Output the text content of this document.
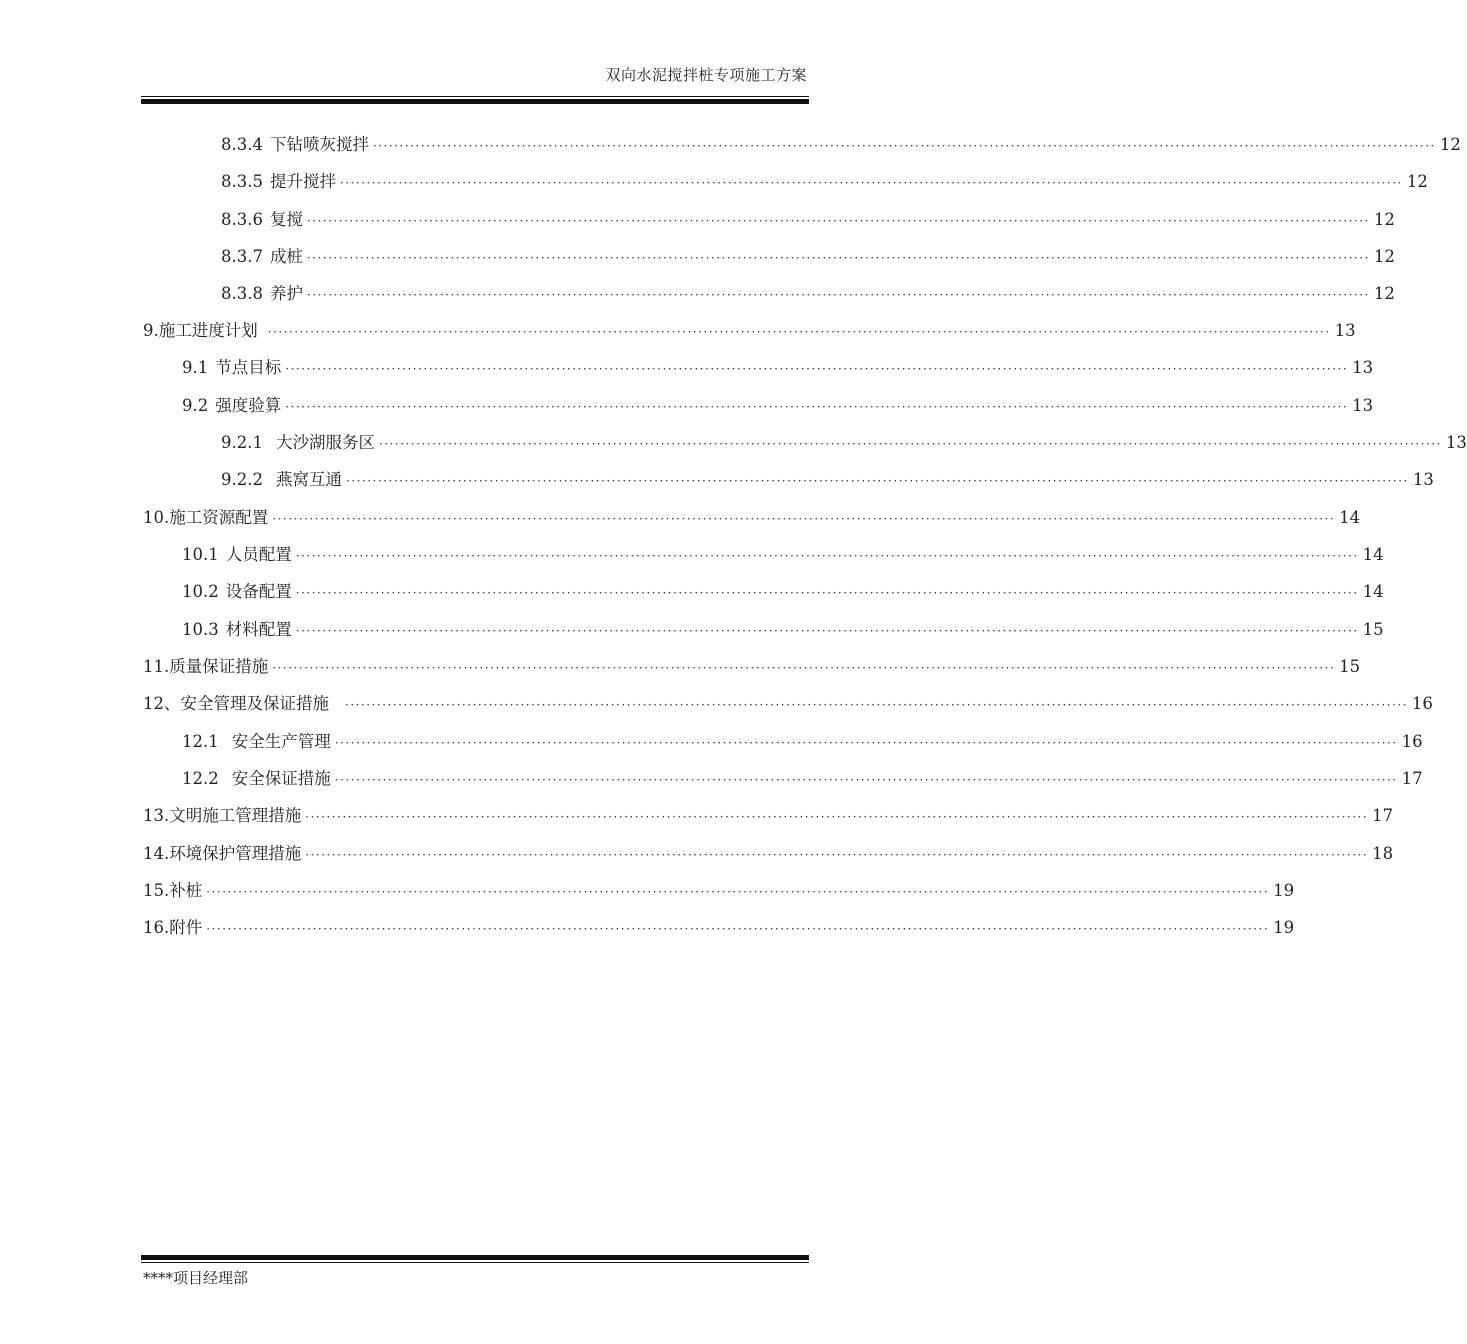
双向水泥搅拌桩专项施工方案
8.3.4 下钻喷灰搅拌 ········································································································································································································ 12
8.3.5 提升搅拌 ········································································································································································································ 12
8.3.6 复搅 ········································································································································································································ 12
8.3.7 成桩 ········································································································································································································ 12
8.3.8 养护 ········································································································································································································ 12
9. 施工进度计划 ········································································································································································································ 13
9.1 节点目标 ········································································································································································································ 13
9.2 强度验算 ········································································································································································································ 13
9.2.1 大沙湖服务区 ········································································································································································································ 13
9.2.2 燕窝互通 ········································································································································································································ 13
10. 施工资源配置 ········································································································································································································ 14
10.1 人员配置 ········································································································································································································ 14
10.2 设备配置 ········································································································································································································ 14
10.3 材料配置 ········································································································································································································ 15
11. 质量保证措施 ········································································································································································································ 15
12、 安全管理及保证措施 ········································································································································································································ 16
12.1 安全生产管理 ········································································································································································································ 16
12.2 安全保证措施 ········································································································································································································ 17
13. 文明施工管理措施 ········································································································································································································ 17
14. 环境保护管理措施 ········································································································································································································ 18
15. 补桩 ········································································································································································································ 19
16. 附件 ········································································································································································································ 19
****项目经理部
